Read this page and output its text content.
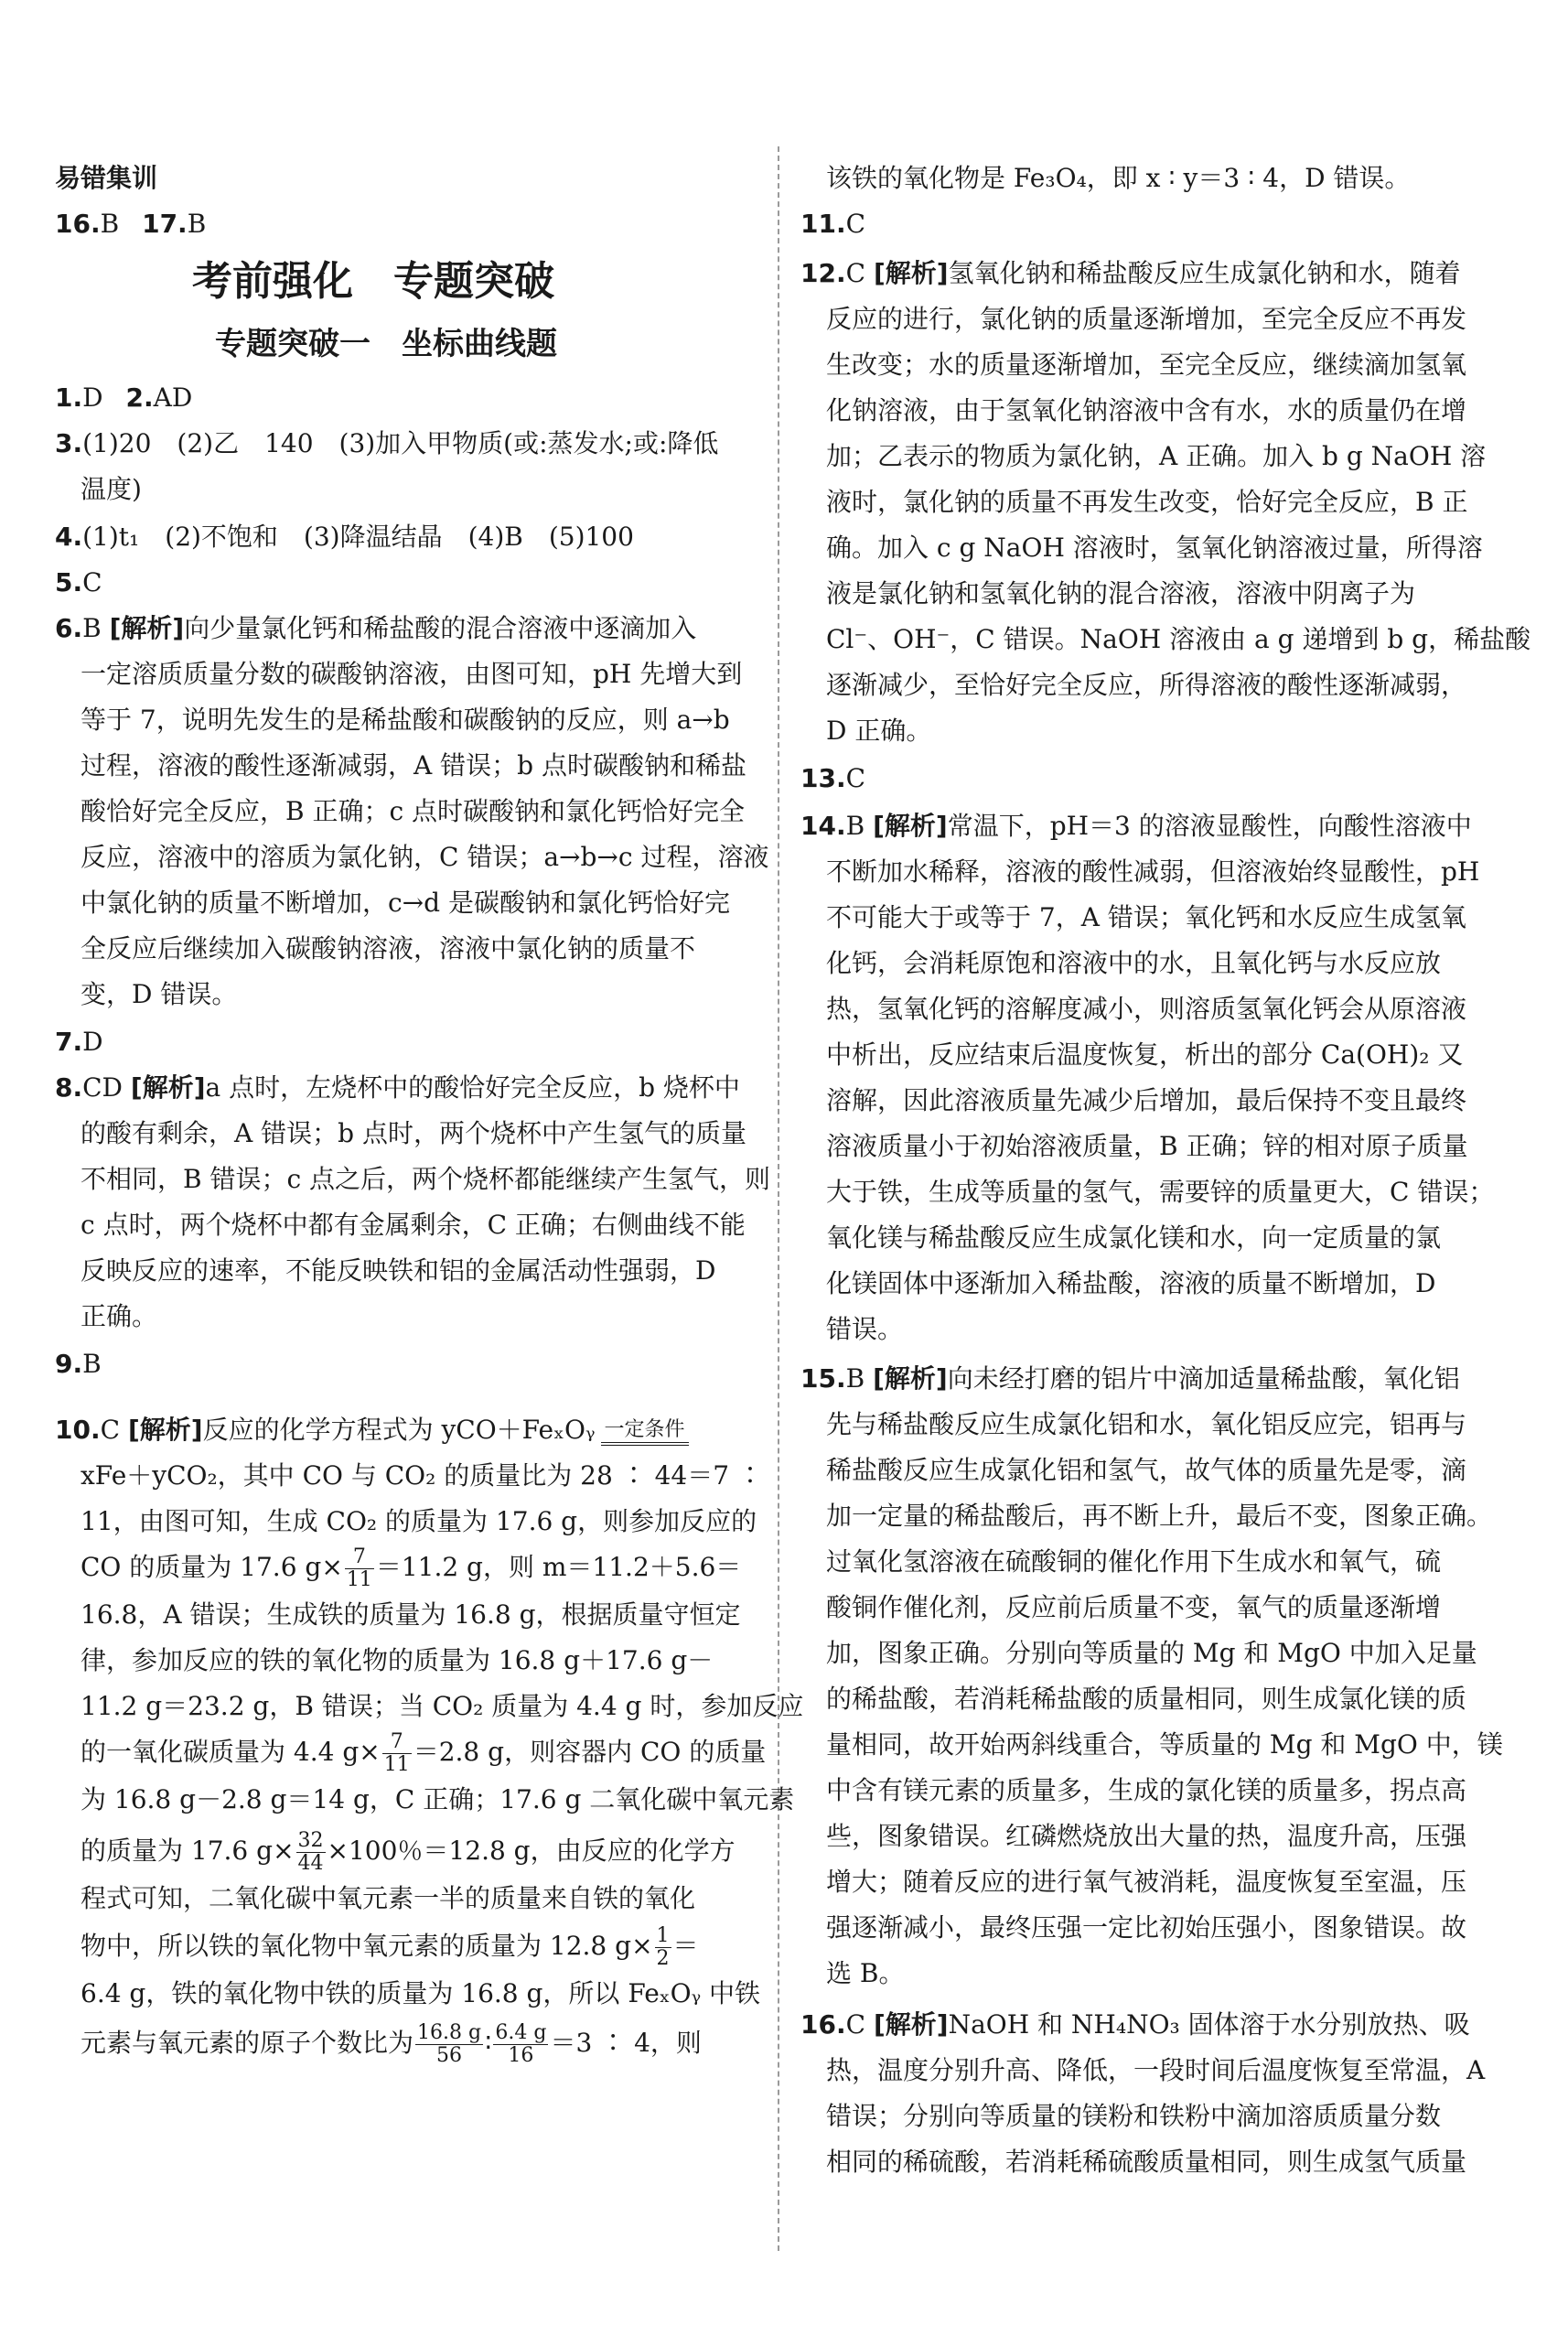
易错集训
16.B 17.B
考前强化　专题突破
专题突破一　坐标曲线题
1.D 2.AD
3.(1)20　(2)乙　140　(3)加入甲物质(或:蒸发水;或:降低
温度)
4.(1)t₁　(2)不饱和　(3)降温结晶　(4)B　(5)100
5.C
6.B [解析]向少量氯化钙和稀盐酸的混合溶液中逐滴加入
一定溶质质量分数的碳酸钠溶液，由图可知，pH 先增大到
等于 7，说明先发生的是稀盐酸和碳酸钠的反应，则 a→b
过程，溶液的酸性逐渐减弱，A 错误；b 点时碳酸钠和稀盐
酸恰好完全反应，B 正确；c 点时碳酸钠和氯化钙恰好完全
反应，溶液中的溶质为氯化钠，C 错误；a→b→c 过程，溶液
中氯化钠的质量不断增加，c→d 是碳酸钠和氯化钙恰好完
全反应后继续加入碳酸钠溶液，溶液中氯化钠的质量不
变，D 错误。
7.D
8.CD [解析]a 点时，左烧杯中的酸恰好完全反应，b 烧杯中
的酸有剩余，A 错误；b 点时，两个烧杯中产生氢气的质量
不相同，B 错误；c 点之后，两个烧杯都能继续产生氢气，则
c 点时，两个烧杯中都有金属剩余，C 正确；右侧曲线不能
反映反应的速率，不能反映铁和铝的金属活动性强弱，D
正确。
9.B
10.C [解析]反应的化学方程式为 yCO＋FeₓOᵧ 一定条件
xFe＋yCO₂，其中 CO 与 CO₂ 的质量比为 28 ∶ 44＝7 ∶
11，由图可知，生成 CO₂ 的质量为 17.6 g，则参加反应的
CO 的质量为 17.6 $g\times \frac{7}{11} =11.2$ g，则 m＝11.2＋5.6＝
16.8，A 错误；生成铁的质量为 16.8 g，根据质量守恒定
律，参加反应的铁的氧化物的质量为 16.8 g＋17.6 g－
11.2 g＝23.2 g，B 错误；当 CO₂ 质量为 4.4 g 时，参加反应
的一氧化碳质量为 4.4 $g\times \frac{7}{11} =2.8$ g，则容器内 CO 的质量
为 16.8 g－2.8 g＝14 g，C 正确；17.6 g 二氧化碳中氧元素
的质量为 17.6 $g\times \frac{32}{44} \times 100$％＝12.8 g，由反应的化学方
程式可知，二氧化碳中氧元素一半的质量来自铁的氧化
物中，所以铁的氧化物中氧元素的质量为 12.8 $g\times \frac{1}{2}$ ＝
6.4 g，铁的氧化物中铁的质量为 16.8 g，所以 FeₓOᵧ 中铁
元素与氧元素的原子个数比为 $\frac{16.8 g}{56}$ ∶ $\frac{6.4 g}{16} =3$ ∶ 4，则
该铁的氧化物是 Fe₃O₄，即 x ∶ y＝3 ∶ 4，D 错误。
11.C
12.C [解析]氢氧化钠和稀盐酸反应生成氯化钠和水，随着
反应的进行，氯化钠的质量逐渐增加，至完全反应不再发
生改变；水的质量逐渐增加，至完全反应，继续滴加氢氧
化钠溶液，由于氢氧化钠溶液中含有水，水的质量仍在增
加；乙表示的物质为氯化钠，A 正确。加入 b g NaOH 溶
液时，氯化钠的质量不再发生改变，恰好完全反应，B 正
确。加入 c g NaOH 溶液时，氢氧化钠溶液过量，所得溶
液是氯化钠和氢氧化钠的混合溶液，溶液中阴离子为
Cl⁻、OH⁻，C 错误。NaOH 溶液由 a g 递增到 b g，稀盐酸
逐渐减少，至恰好完全反应，所得溶液的酸性逐渐减弱，
D 正确。
13.C
14.B [解析]常温下，pH＝3 的溶液显酸性，向酸性溶液中
不断加水稀释，溶液的酸性减弱，但溶液始终显酸性，pH
不可能大于或等于 7，A 错误；氧化钙和水反应生成氢氧
化钙，会消耗原饱和溶液中的水，且氧化钙与水反应放
热，氢氧化钙的溶解度减小，则溶质氢氧化钙会从原溶液
中析出，反应结束后温度恢复，析出的部分 Ca(OH)₂ 又
溶解，因此溶液质量先减少后增加，最后保持不变且最终
溶液质量小于初始溶液质量，B 正确；锌的相对原子质量
大于铁，生成等质量的氢气，需要锌的质量更大，C 错误；
氧化镁与稀盐酸反应生成氯化镁和水，向一定质量的氯
化镁固体中逐渐加入稀盐酸，溶液的质量不断增加，D
错误。
15.B [解析]向未经打磨的铝片中滴加适量稀盐酸，氧化铝
先与稀盐酸反应生成氯化铝和水，氧化铝反应完，铝再与
稀盐酸反应生成氯化铝和氢气，故气体的质量先是零，滴
加一定量的稀盐酸后，再不断上升，最后不变，图象正确。
过氧化氢溶液在硫酸铜的催化作用下生成水和氧气，硫
酸铜作催化剂，反应前后质量不变，氧气的质量逐渐增
加，图象正确。分别向等质量的 Mg 和 MgO 中加入足量
的稀盐酸，若消耗稀盐酸的质量相同，则生成氯化镁的质
量相同，故开始两斜线重合，等质量的 Mg 和 MgO 中，镁
中含有镁元素的质量多，生成的氯化镁的质量多，拐点高
些，图象错误。红磷燃烧放出大量的热，温度升高，压强
增大；随着反应的进行氧气被消耗，温度恢复至室温，压
强逐渐减小，最终压强一定比初始压强小，图象错误。故
选 B。
16.C [解析]NaOH 和 NH₄NO₃ 固体溶于水分别放热、吸
热，温度分别升高、降低，一段时间后温度恢复至常温，A
错误；分别向等质量的镁粉和铁粉中滴加溶质质量分数
相同的稀硫酸，若消耗稀硫酸质量相同，则生成氢气质量
